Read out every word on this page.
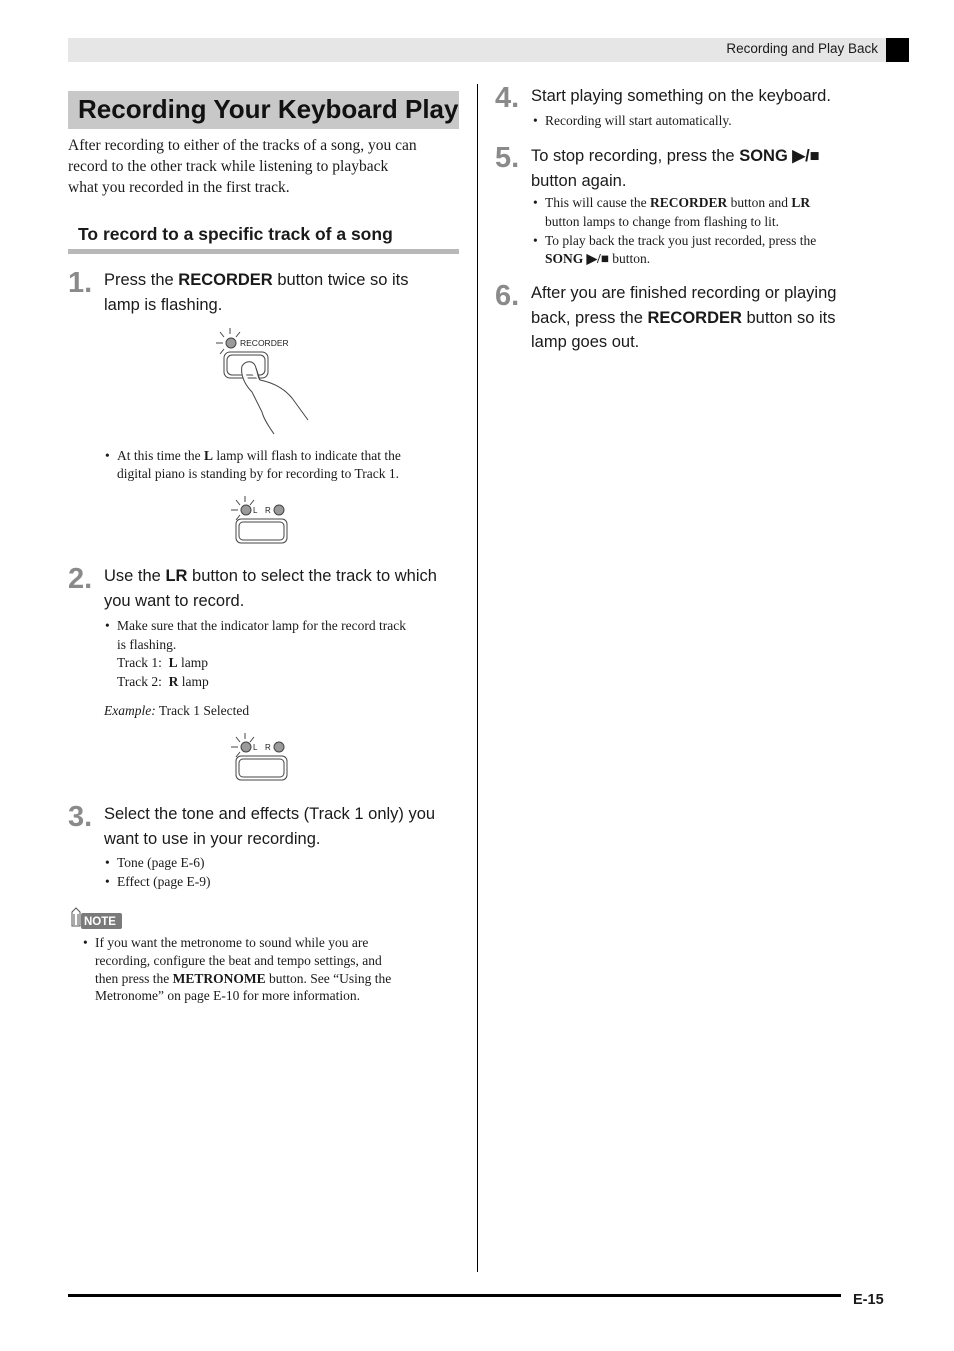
Recording and Play Back
Recording Your Keyboard Play
After recording to either of the tracks of a song, you can
record to the other track while listening to playback
what you recorded in the first track.
To record to a specific track of a song
1. Press the RECORDER button twice so its
lamp is flashing.
RECORDER
• At this time the L lamp will flash to indicate that the
digital piano is standing by for recording to Track 1.
L R
2. Use the LR button to select the track to which
you want to record.
• Make sure that the indicator lamp for the record track
is flashing.
Track 1: L lamp
Track 2: R lamp
Example: Track 1 Selected
L R
3. Select the tone and effects (Track 1 only) you
want to use in your recording.
• Tone (page E-6)
• Effect (page E-9)
NOTE
• If you want the metronome to sound while you are
recording, configure the beat and tempo settings, and
then press the METRONOME button. See “Using the
Metronome” on page E-10 for more information.
4. Start playing something on the keyboard.
• Recording will start automatically.
5. To stop recording, press the SONG ▶/■
button again.
• This will cause the RECORDER button and LR
button lamps to change from flashing to lit.
• To play back the track you just recorded, press the
SONG ▶/■ button.
6. After you are finished recording or playing
back, press the RECORDER button so its
lamp goes out.
E-15
